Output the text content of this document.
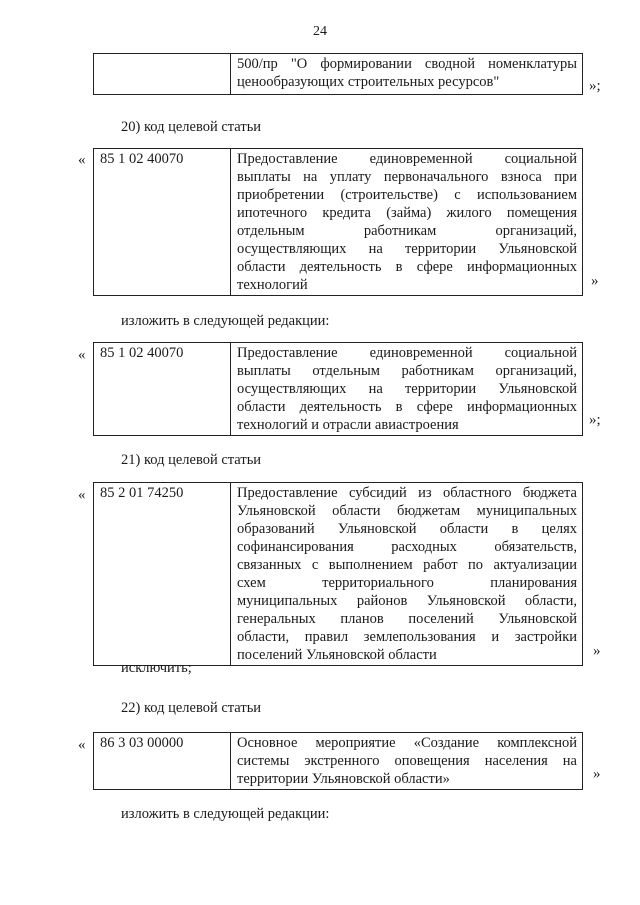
24

500/пр "О формировании сводной номенклатуры
ценообразующих строительных ресурсов"	»;
20) код целевой статьи
« 85 1 02 40070	Предоставление единовременной социальной
выплаты на уплату первоначального взноса при
приобретении (строительстве) с использованием
ипотечного кредита (займа) жилого помещения
отдельным работникам организаций,
осуществляющих на территории Ульяновской
области деятельность в сфере информационных
технологий	»
изложить в следующей редакции:
« 85 1 02 40070	Предоставление единовременной социальной
выплаты отдельным работникам организаций,
осуществляющих на территории Ульяновской
области деятельность в сфере информационных
технологий и отрасли авиастроения	»;
21) код целевой статьи
« 85 2 01 74250	Предоставление субсидий из областного бюджета
Ульяновской области бюджетам муниципальных
образований Ульяновской области в целях
софинансирования расходных обязательств,
связанных с выполнением работ по актуализации
схем территориального планирования
муниципальных районов Ульяновской области,
генеральных планов поселений Ульяновской
области, правил землепользования и застройки
поселений Ульяновской области	»
исключить;
22) код целевой статьи
« 86 3 03 00000	Основное мероприятие «Создание комплексной
системы экстренного оповещения населения на
территории Ульяновской области»	»
изложить в следующей редакции:
